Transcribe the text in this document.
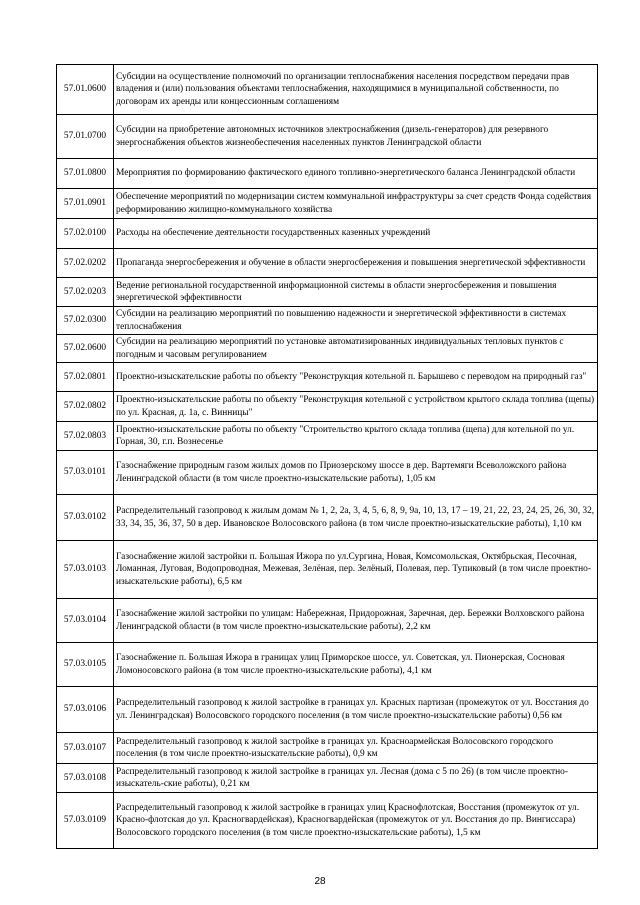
57.01.0600	Субсидии на осуществление полномочий по организации теплоснабжения населения посредством передачи прав владения и (или) пользования объектами теплоснабжения, находящимися в муниципальной собственности, по договорам их аренды или концессионным соглашениям
57.01.0700	Субсидии на приобретение автономных источников электроснабжения (дизель-генераторов) для резервного энергоснабжения объектов жизнеобеспечения населенных пунктов Ленинградской области
57.01.0800	Мероприятия по формированию фактического единого топливно-энергетического баланса Ленинградской области
57.01.0901	Обеспечение мероприятий по модернизации систем коммунальной инфраструктуры за счет средств Фонда содействия реформированию жилищно-коммунального хозяйства
57.02.0100	Расходы на обеспечение деятельности государственных казенных учреждений
57.02.0202	Пропаганда энергосбережения и обучение в области энергосбережения и повышения энергетической эффективности
57.02.0203	Ведение региональной государственной информационной системы в области энергосбережения и повышения энергетической эффективности
57.02.0300	Субсидии на реализацию мероприятий по повышению надежности и энергетической эффективности в системах теплоснабжения
57.02.0600	Субсидии на реализацию мероприятий по установке автоматизированных индивидуальных тепловых пунктов с погодным и часовым регулированием
57.02.0801	Проектно-изыскательские работы по объекту "Реконструкция котельной п. Барышево с переводом на природный газ"
57.02.0802	Проектно-изыскательские работы по объекту "Реконструкция котельной с устройством крытого склада топлива (щепы) по ул. Красная, д. 1а, с. Винницы"
57.02.0803	Проектно-изыскательские работы по объекту "Строительство крытого склада топлива (щепа) для котельной по ул. Горная, 30, г.п. Вознесенье
57.03.0101	Газоснабжение природным газом жилых домов по Приозерскому шоссе в дер. Вартемяги Всеволожского района Ленинградской области (в том числе проектно-изыскательские работы), 1,05 км
57.03.0102	Распределительный газопровод к жилым домам № 1, 2, 2а, 3, 4, 5, 6, 8, 9, 9а, 10, 13, 17 – 19, 21, 22, 23, 24, 25, 26, 30, 32, 33, 34, 35, 36, 37, 50 в дер. Ивановское Волосовского района (в том числе проектно-изыскательские работы), 1,10 км
57.03.0103	Газоснабжение жилой застройки п. Большая Ижора по ул.Сургина, Новая, Комсомольская, Октябрьская, Песочная, Ломанная, Луговая, Водопроводная, Межевая, Зелёная, пер. Зелёный, Полевая, пер. Тупиковый (в том числе проектно-изыскательские работы), 6,5 км
57.03.0104	Газоснабжение жилой застройки по улицам: Набережная, Придорожная, Заречная, дер. Бережки Волховского района Ленинградской области (в том числе проектно-изыскательские работы), 2,2 км
57.03.0105	Газоснабжение п. Большая Ижора в границах улиц Приморское шоссе, ул. Советская, ул. Пионерская, Сосновая Ломоносовского района (в том числе проектно-изыскательские работы), 4,1 км
57.03.0106	Распределительный газопровод к жилой застройке в границах ул. Красных партизан (промежуток от ул. Восстания до ул. Ленинградская) Волосовского городского поселения (в том числе проектно-изыскательские работы) 0,56 км
57.03.0107	Распределительный газопровод к жилой застройке в границах ул. Красноармейская Волосовского городского поселения (в том числе проектно-изыскательские работы), 0,9 км
57.03.0108	Распределительный газопровод к жилой застройке в границах ул. Лесная (дома с 5 по 26) (в том числе проектно-изыскатель-ские работы), 0,21 км
57.03.0109	Распределительный газопровод к жилой застройке в границах улиц Краснофлотская, Восстания (промежуток от ул. Красно-флотская до ул. Красногвардейская), Красногвардейская (промежуток от ул. Восстания до пр. Вингиссара) Волосовского городского поселения (в том числе проектно-изыскательские работы), 1,5 км
28
